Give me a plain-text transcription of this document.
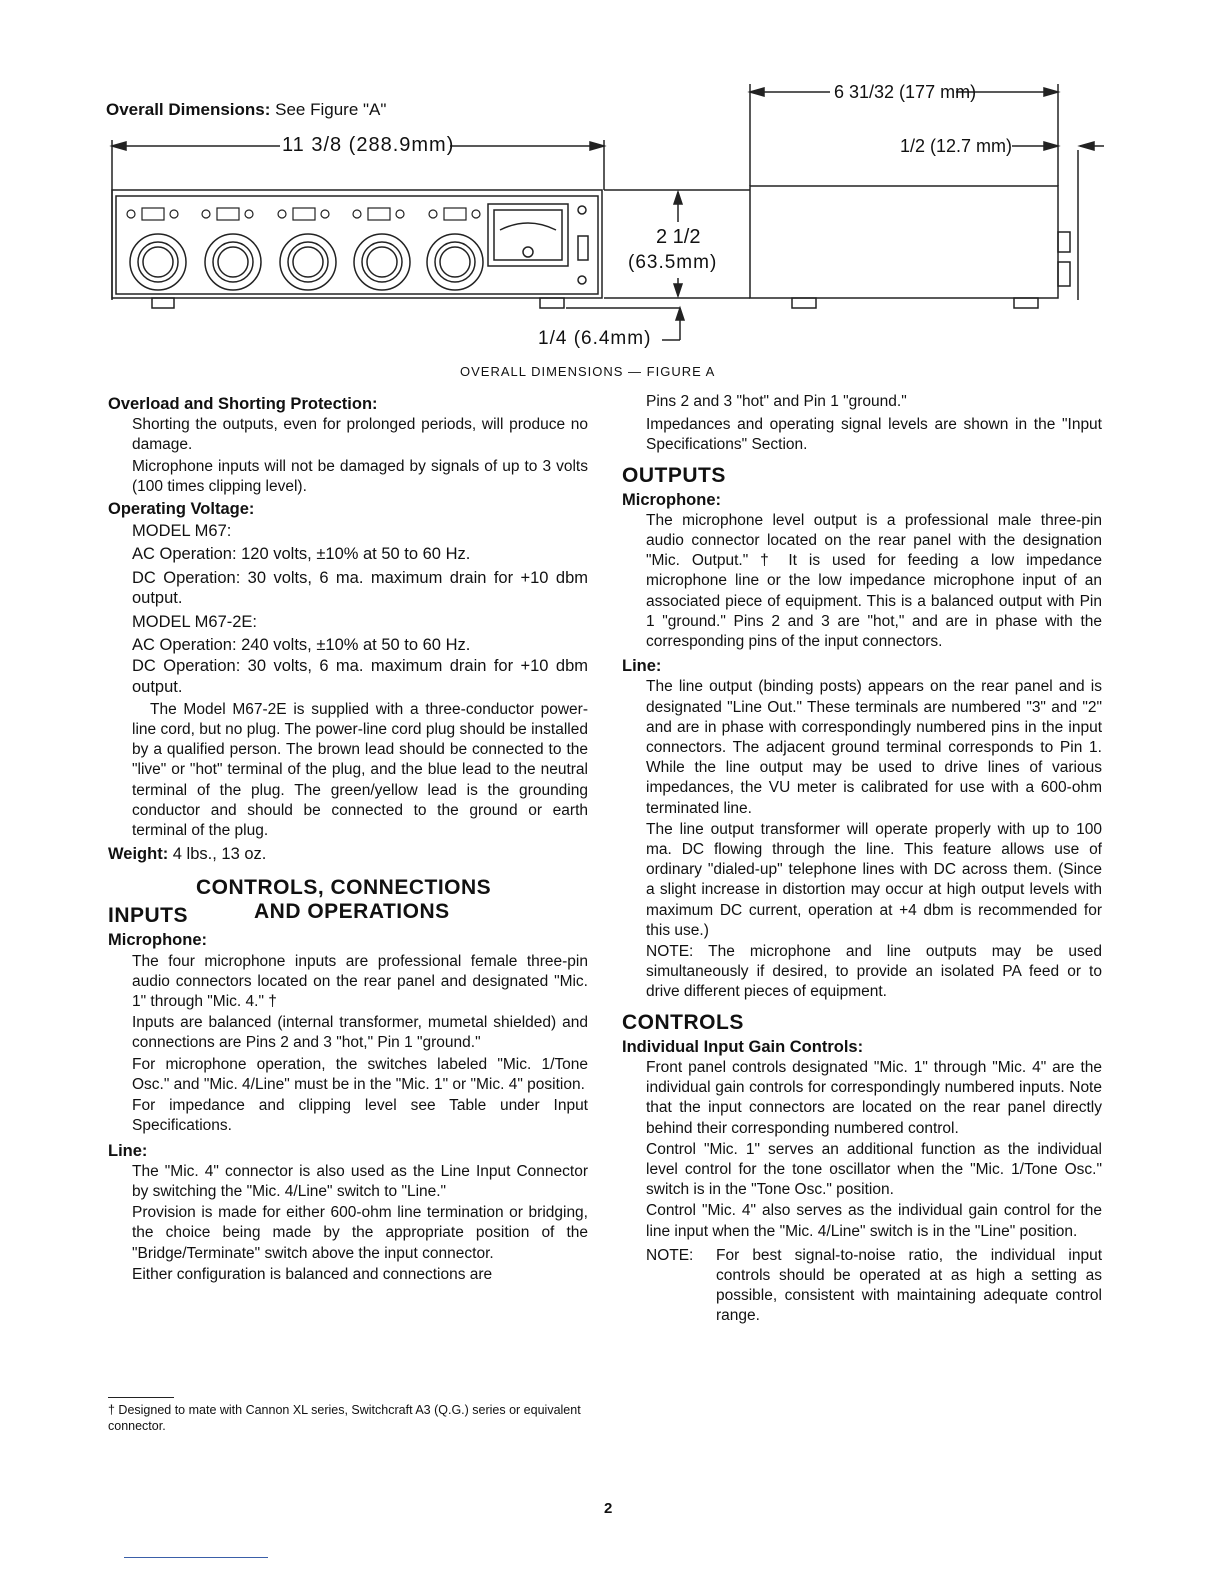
Overall Dimensions: See Figure "A"
11 3/8 (288.9mm)
2 1/2
(63.5mm)
1/4 (6.4mm)
6 31/32 (177 mm)
1/2 (12.7 mm)
OVERALL DIMENSIONS — FIGURE A
Overload and Shorting Protection:
Shorting the outputs, even for prolonged periods, will produce no damage.
Microphone inputs will not be damaged by signals of up to 3 volts (100 times clipping level).
Operating Voltage:
MODEL M67:
AC Operation: 120 volts, ±10% at 50 to 60 Hz.
DC Operation: 30 volts, 6 ma. maximum drain for +10 dbm output.
MODEL M67-2E:
AC Operation: 240 volts, ±10% at 50 to 60 Hz.
DC Operation: 30 volts, 6 ma. maximum drain for +10 dbm output.
The Model M67-2E is supplied with a three-conductor power-line cord, but no plug. The power-line cord plug should be installed by a qualified person. The brown lead should be connected to the "live" or "hot" terminal of the plug, and the blue lead to the neutral terminal of the plug. The green/yellow lead is the grounding conductor and should be connected to the ground or earth terminal of the plug.
Weight: 4 lbs., 13 oz.
CONTROLS, CONNECTIONS
INPUTS	AND OPERATIONS
Microphone:
The four microphone inputs are professional female three-pin audio connectors located on the rear panel and designated "Mic. 1" through "Mic. 4." †
Inputs are balanced (internal transformer, mumetal shielded) and connections are Pins 2 and 3 "hot," Pin 1 "ground."
For microphone operation, the switches labeled "Mic. 1/Tone Osc." and "Mic. 4/Line" must be in the "Mic. 1" or "Mic. 4" position.
For impedance and clipping level see Table under Input Specifications.
Line:
The "Mic. 4" connector is also used as the Line Input Connector by switching the "Mic. 4/Line" switch to "Line."
Provision is made for either 600-ohm line termination or bridging, the choice being made by the appropriate position of the "Bridge/Terminate" switch above the input connector.
Either configuration is balanced and connections are
† Designed to mate with Cannon XL series, Switchcraft A3 (Q.G.) series or equivalent connector.
Pins 2 and 3 "hot" and Pin 1 "ground."
Impedances and operating signal levels are shown in the "Input Specifications" Section.
OUTPUTS
Microphone:
The microphone level output is a professional male three-pin audio connector located on the rear panel with the designation "Mic. Output." † It is used for feeding a low impedance microphone line or the low impedance microphone input of an associated piece of equipment. This is a balanced output with Pin 1 "ground." Pins 2 and 3 are "hot," and are in phase with the corresponding pins of the input connectors.
Line:
The line output (binding posts) appears on the rear panel and is designated "Line Out." These terminals are numbered "3" and "2" and are in phase with correspondingly numbered pins in the input connectors. The adjacent ground terminal corresponds to Pin 1. While the line output may be used to drive lines of various impedances, the VU meter is calibrated for use with a 600-ohm terminated line.
The line output transformer will operate properly with up to 100 ma. DC flowing through the line. This feature allows use of ordinary "dialed-up" telephone lines with DC across them. (Since a slight increase in distortion may occur at high output levels with maximum DC current, operation at +4 dbm is recommended for this use.)
NOTE: The microphone and line outputs may be used simultaneously if desired, to provide an isolated PA feed or to drive different pieces of equipment.
CONTROLS
Individual Input Gain Controls:
Front panel controls designated "Mic. 1" through "Mic. 4" are the individual gain controls for correspondingly numbered inputs. Note that the input connectors are located on the rear panel directly behind their corresponding numbered control.
Control "Mic. 1" serves an additional function as the individual level control for the tone oscillator when the "Mic. 1/Tone Osc." switch is in the "Tone Osc." position.
Control "Mic. 4" also serves as the individual gain control for the line input when the "Mic. 4/Line" switch is in the "Line" position.
NOTE:	For best signal-to-noise ratio, the individual input controls should be operated at as high a setting as possible, consistent with maintaining adequate control range.
2
